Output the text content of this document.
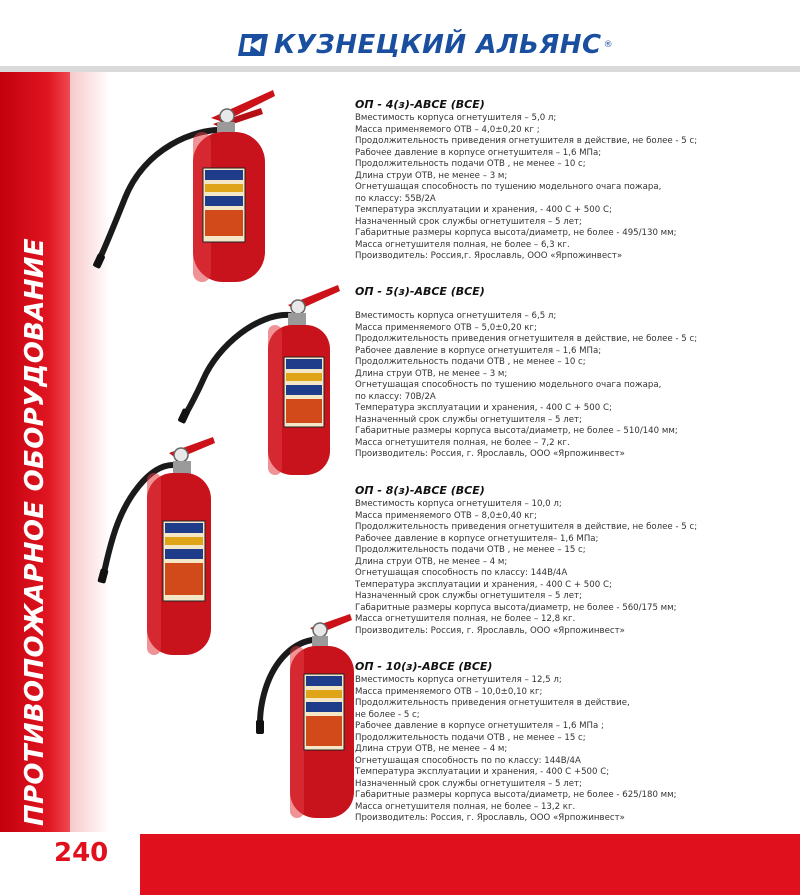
КУЗНЕЦКИЙ АЛЬЯНС ®
ПРОТИВОПОЖАРНОЕ ОБОРУДОВАНИЕ
240
ОП - 4(з)-АВСЕ (ВСЕ)
Вместимость корпуса огнетушителя – 5,0 л;
Масса применяемого ОТВ – 4,0±0,20 кг ;
Продолжительность приведения огнетушителя в действие, не более - 5 с;
Рабочее давление в корпусе огнетушителя – 1,6 МПа;
Продолжительность подачи ОТВ , не менее – 10 с;
Длина струи ОТВ, не менее – 3 м;
Огнетушащая способность по тушению модельного очага пожара,
по классу: 55В/2А
Температура эксплуатации и хранения, - 400 С + 500 С;
Назначенный срок службы огнетушителя – 5 лет;
Габаритные размеры корпуса высота/диаметр, не более - 495/130 мм;
Масса огнетушителя полная, не более – 6,3 кг.
Производитель: Россия,г. Ярославль, ООО «Ярпожинвест»
ОП - 5(з)-АВСЕ (ВСЕ)
Вместимость корпуса огнетушителя – 6,5 л;
Масса применяемого ОТВ – 5,0±0,20 кг;
Продолжительность приведения огнетушителя в действие, не более - 5 с;
Рабочее давление в корпусе огнетушителя – 1,6 МПа;
Продолжительность подачи ОТВ , не менее – 10 с;
Длина струи ОТВ, не менее – 3 м;
Огнетушащая способность по тушению модельного очага пожара,
по классу: 70В/2А
Температура эксплуатации и хранения, - 400 С + 500 С;
Назначенный срок службы огнетушителя – 5 лет;
Габаритные размеры корпуса высота/диаметр, не более – 510/140 мм;
Масса огнетушителя полная, не более – 7,2 кг.
Производитель: Россия, г. Ярославль, ООО «Ярпожинвест»
ОП - 8(з)-АВСЕ (ВСЕ)
Вместимость корпуса огнетушителя – 10,0 л;
Масса применяемого ОТВ – 8,0±0,40 кг;
Продолжительность приведения огнетушителя в действие, не более - 5 с;
Рабочее давление в корпусе огнетушителя– 1,6 МПа;
Продолжительность подачи ОТВ , не менее – 15 с;
Длина струи ОТВ, не менее – 4 м;
Огнетушащая способность по классу: 144В/4А
Температура эксплуатации и хранения, - 400 С + 500 С;
Назначенный срок службы огнетушителя – 5 лет;
Габаритные размеры корпуса высота/диаметр, не более - 560/175 мм;
Масса огнетушителя полная, не более – 12,8 кг.
Производитель: Россия, г. Ярославль, ООО «Ярпожинвест»
ОП - 10(з)-АВСЕ (ВСЕ)
Вместимость корпуса огнетушителя – 12,5 л;
Масса применяемого ОТВ – 10,0±0,10 кг;
Продолжительность приведения огнетушителя в действие,
не более - 5 с;
Рабочее давление в корпусе огнетушителя – 1,6 МПа ;
Продолжительность подачи ОТВ , не менее – 15 с;
Длина струи ОТВ, не менее – 4 м;
Огнетушащая способность по по классу: 144В/4А
Температура эксплуатации и хранения, - 400 С +500 С;
Назначенный срок службы огнетушителя – 5 лет;
Габаритные размеры корпуса высота/диаметр, не более - 625/180 мм;
Масса огнетушителя полная, не более – 13,2 кг.
Производитель: Россия, г. Ярославль, ООО «Ярпожинвест»
